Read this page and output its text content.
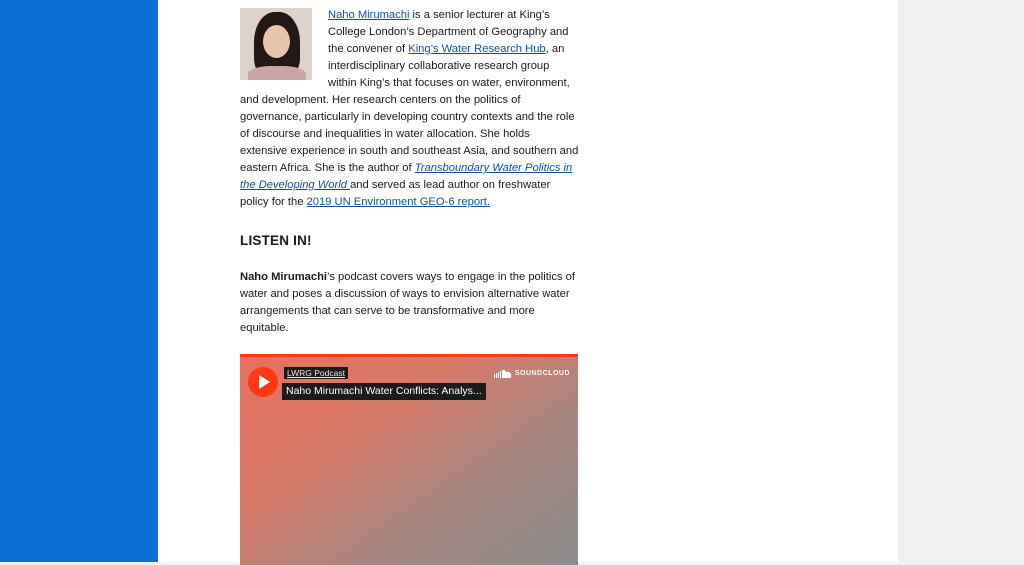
Naho Mirumachi is a senior lecturer at King’s College London’s Department of Geography and the convener of King’s Water Research Hub, an interdisciplinary collaborative research group within King’s that focuses on water, environment, and development. Her research centers on the politics of governance, particularly in developing country contexts and the role of discourse and inequalities in water allocation. She holds extensive experience in south and southeast Asia, and southern and eastern Africa. She is the author of Transboundary Water Politics in the Developing World and served as lead author on freshwater policy for the 2019 UN Environment GEO-6 report.

LISTEN IN!

Naho Mirumachi’s podcast covers ways to engage in the politics of water and poses a discussion of ways to envision alternative water arrangements that can serve to be transformative and more equitable.

LWRG Podcast
Naho Mirumachi Water Conflicts: Analys...
SOUNDCLOUD
